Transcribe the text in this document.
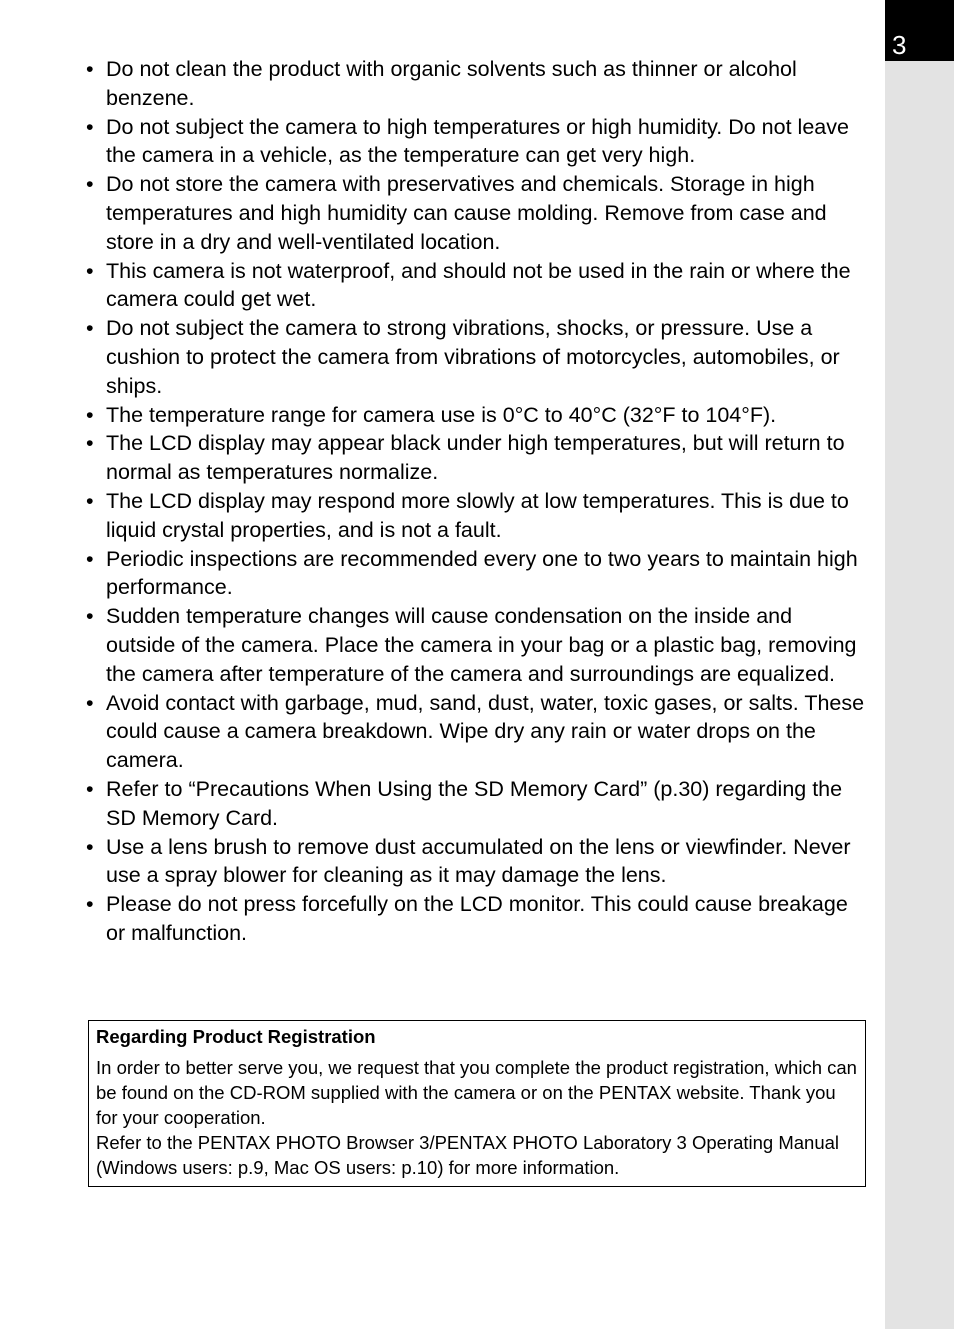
3
• Do not clean the product with organic solvents such as thinner or alcohol benzene.
• Do not subject the camera to high temperatures or high humidity. Do not leave the camera in a vehicle, as the temperature can get very high.
• Do not store the camera with preservatives and chemicals. Storage in high temperatures and high humidity can cause molding. Remove from case and store in a dry and well-ventilated location.
• This camera is not waterproof, and should not be used in the rain or where the camera could get wet.
• Do not subject the camera to strong vibrations, shocks, or pressure. Use a cushion to protect the camera from vibrations of motorcycles, automobiles, or ships.
• The temperature range for camera use is 0°C to 40°C (32°F to 104°F).
• The LCD display may appear black under high temperatures, but will return to normal as temperatures normalize.
• The LCD display may respond more slowly at low temperatures. This is due to liquid crystal properties, and is not a fault.
• Periodic inspections are recommended every one to two years to maintain high performance.
• Sudden temperature changes will cause condensation on the inside and outside of the camera. Place the camera in your bag or a plastic bag, removing the camera after temperature of the camera and surroundings are equalized.
• Avoid contact with garbage, mud, sand, dust, water, toxic gases, or salts. These could cause a camera breakdown. Wipe dry any rain or water drops on the camera.
• Refer to “Precautions When Using the SD Memory Card” (p.30) regarding the SD Memory Card.
• Use a lens brush to remove dust accumulated on the lens or viewfinder. Never use a spray blower for cleaning as it may damage the lens.
• Please do not press forcefully on the LCD monitor. This could cause breakage or malfunction.

Regarding Product Registration

In order to better serve you, we request that you complete the product registration, which can be found on the CD-ROM supplied with the camera or on the PENTAX website. Thank you for your cooperation.

Refer to the PENTAX PHOTO Browser 3/PENTAX PHOTO Laboratory 3 Operating Manual (Windows users: p.9, Mac OS users: p.10) for more information.
